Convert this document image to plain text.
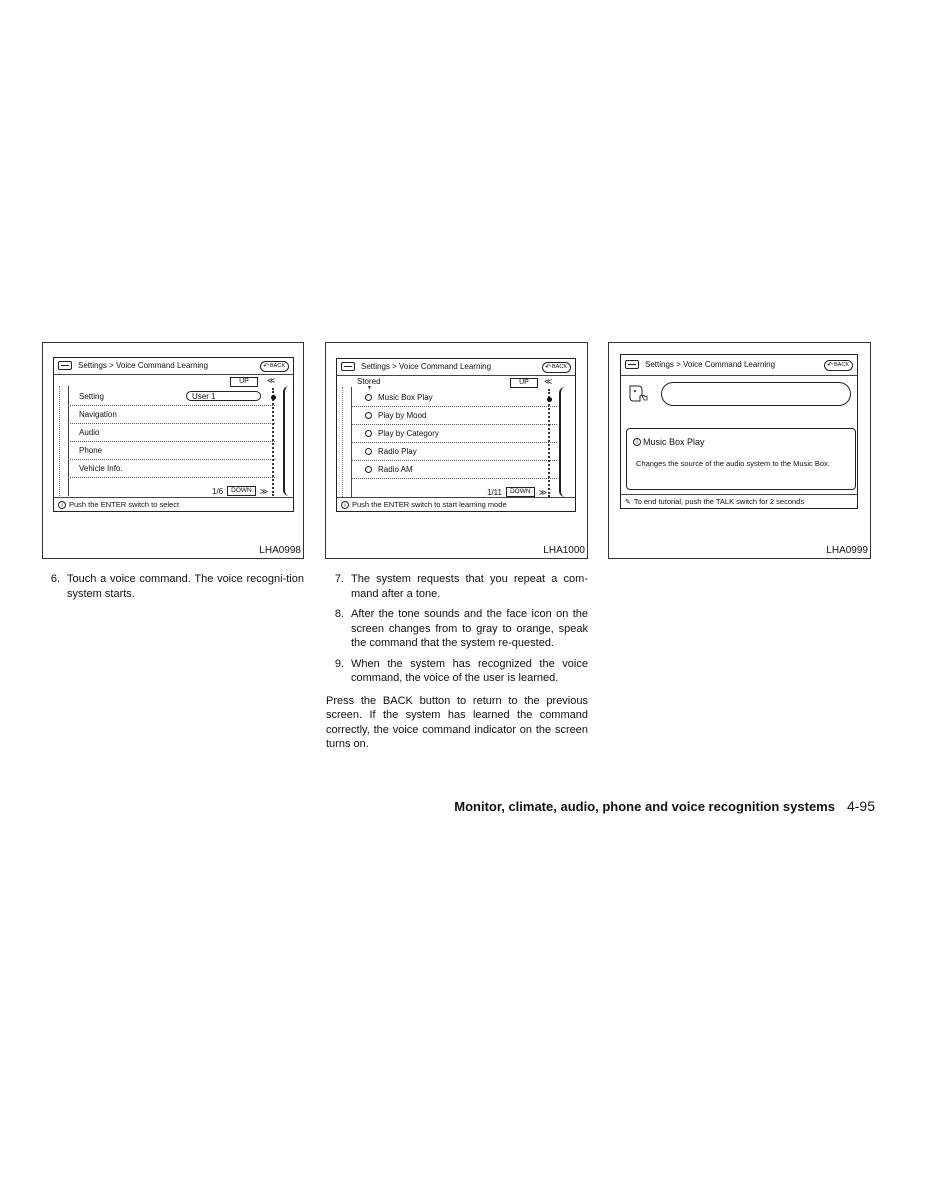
Settings > Voice Command Learning	↶ BACK
UP	≪
Setting	User 1
Navigation
Audio
Phone
Vehicle Info.
1/6	DOWN	≫
i Push the ENTER switch to select
LHA0998
Settings > Voice Command Learning	↶ BACK
Stored
▼
UP	≪
Music Box Play
Play by Mood
Play by Category
Radio Play
Radio AM
1/11	DOWN	≫
i Push the ENTER switch to start learning mode
LHA1000
Settings > Voice Command Learning	↶ BACK
i Music Box Play
Changes the source of the audio system to the Music Box.
✎ To end tutorial, push the TALK switch for 2 seconds
LHA0999
6. Touch a voice command. The voice recogni-tion system starts.
7. The system requests that you repeat a com-mand after a tone.
8. After the tone sounds and the face icon on the screen changes from to gray to orange, speak the command that the system re-quested.
9. When the system has recognized the voice command, the voice of the user is learned.
Press the BACK button to return to the previous screen. If the system has learned the command correctly, the voice command indicator on the screen turns on.
Monitor, climate, audio, phone and voice recognition systems 4-95
